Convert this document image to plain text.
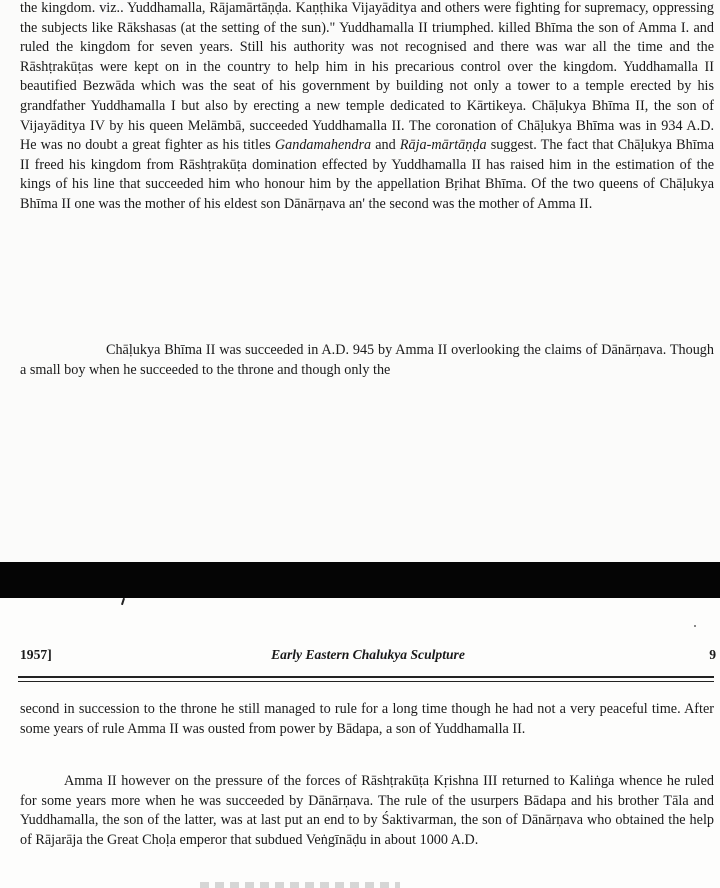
the kingdom. viz.. Yuddhamalla, Rājamārtāṇḍa. Kaṇṭhika Vijayāditya and others were fighting for supremacy, oppressing the subjects like Rākshasas (at the setting of the sun)." Yuddhamalla II triumphed. killed Bhīma the son of Amma I. and ruled the kingdom for seven years. Still his authority was not recognised and there was war all the time and the Rāshṭrakūṭas were kept on in the country to help him in his precarious control over the kingdom. Yuddhamalla II beautified Bezwāda which was the seat of his government by building not only a tower to a temple erected by his grandfather Yuddhamalla I but also by erecting a new temple dedicated to Kārtikeya. Chāḷukya Bhīma II, the son of Vijayāditya IV by his queen Melāmbā, succeeded Yuddhamalla II. The coronation of Chāḷukya Bhīma was in 934 A.D. He was no doubt a great fighter as his titles Gandamahendra and Rāja-mārtāṇḍa suggest. The fact that Chāḷukya Bhīma II freed his kingdom from Rāshṭrakūṭa domination effected by Yuddhamalla II has raised him in the estimation of the kings of his line that succeeded him who honour him by the appellation Bṛihat Bhīma. Of the two queens of Chāḷukya Bhīma II one was the mother of his eldest son Dānārṇava an' the second was the mother of Amma II.

Chāḷukya Bhīma II was succeeded in A.D. 945 by Amma II overlooking the claims of Dānārṇava. Though a small boy when he succeeded to the throne and though only the

1957]	Early Eastern Chalukya Sculpture	9

second in succession to the throne he still managed to rule for a long time though he had not a very peaceful time. After some years of rule Amma II was ousted from power by Bādapa, a son of Yuddhamalla II.

Amma II however on the pressure of the forces of Rāshṭrakūṭa Kṛishna III returned to Kaliṅga whence he ruled for some years more when he was succeeded by Dānārṇava. The rule of the usurpers Bādapa and his brother Tāla and Yuddhamalla, the son of the latter, was at last put an end to by Śaktivarman, the son of Dānārṇava who obtained the help of Rājarāja the Great Choḷa emperor that subdued Veṅgīnāḍu in about 1000 A.D.
